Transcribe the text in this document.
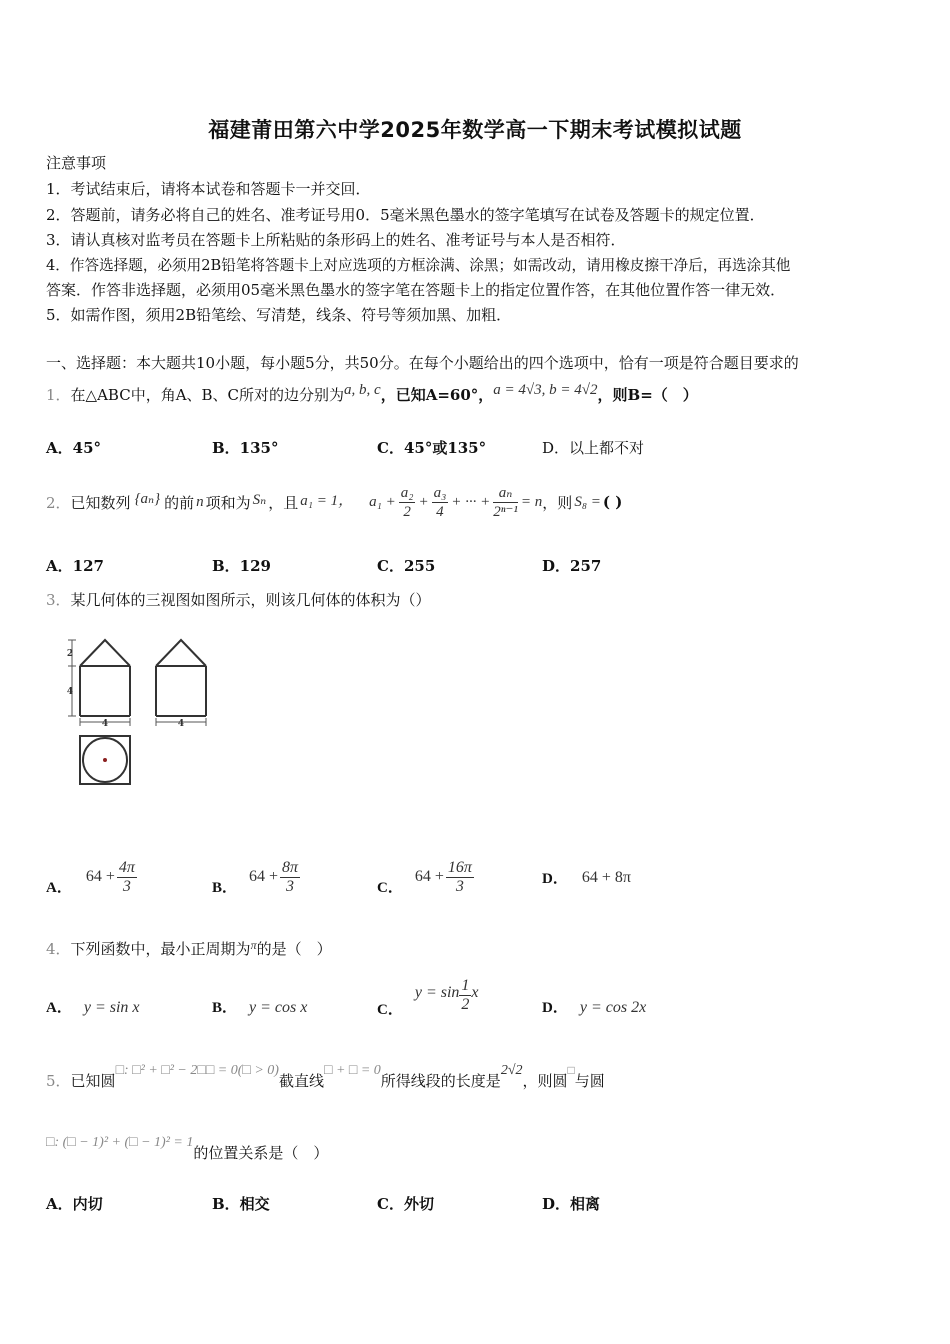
福建莆田第六中学2025年数学高一下期末考试模拟试题
注意事项
1．考试结束后，请将本试卷和答题卡一并交回．
2．答题前，请务必将自己的姓名、准考证号用0．5毫米黑色墨水的签字笔填写在试卷及答题卡的规定位置．
3．请认真核对监考员在答题卡上所粘贴的条形码上的姓名、准考证号与本人是否相符．
4．作答选择题，必须用2B铅笔将答题卡上对应选项的方框涂满、涂黑；如需改动，请用橡皮擦干净后，再选涂其他
答案．作答非选择题，必须用05毫米黑色墨水的签字笔在答题卡上的指定位置作答，在其他位置作答一律无效．
5．如需作图，须用2B铅笔绘、写清楚，线条、符号等须加黑、加粗．
一、选择题：本大题共10小题，每小题5分，共50分。在每个小题给出的四个选项中，恰有一项是符合题目要求的
1．在△ABC中，角A、B、C所对的边分别为a, b, c，已知A=60°，a = 4√3, b = 4√2，则B=（　）
A．45°	B．135°	C．45°或135°	D．以上都不对
2． 已知数列 {aₙ} 的前 n 项和为 Sₙ ，且 a₁ = 1， $a_1 + \frac{\text{a₂}}{2} + \frac{\text{a₃}}{4}$ + ··· + $\frac{\text{aₙ}}{\text{2ⁿ⁻¹}} = n$ ，则 S₈ = ( )
A．127	B．129	C．255	D．257
3．某几何体的三视图如图所示，则该几何体的体积为（）
2
4
4	4
A．
$64 + \frac{4\pi}{3}$	B．
$64 + \frac{8\pi}{3}$	C．
$64 + \frac{16\pi}{3}$	D． 64 + 8π
4．下列函数中，最小正周期为$^\pi$的是（　）
A． y = sin x	B． y = cos x	C．
$y = \sin \frac{1}{2}$ x
D． y = cos 2x
5．已知圆□: □² + □² − 2□□ = 0(□ > 0)截直线□ + □ = 0所得线段的长度是2√2，则圆□与圆
□: (□ − 1)² + (□ − 1)² = 1的位置关系是（　）
A．内切	B．相交	C．外切	D．相离
